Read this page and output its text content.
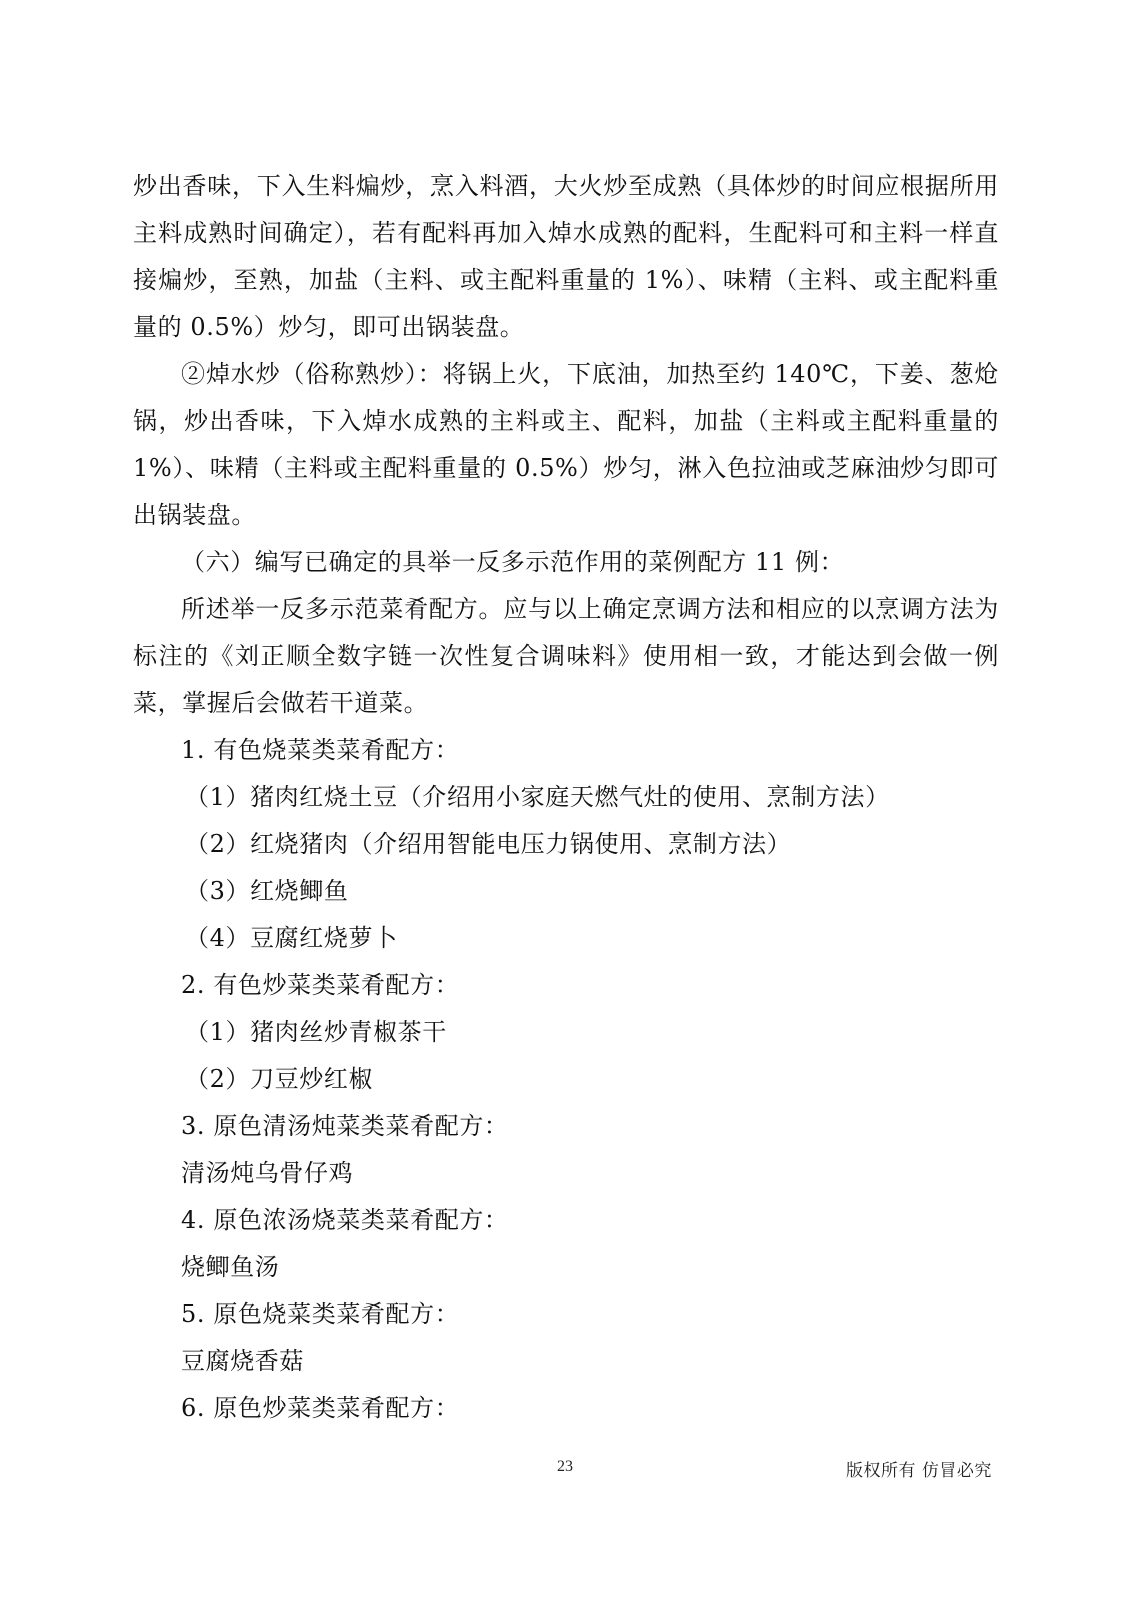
炒出香味，下入生料煸炒，烹入料酒，大火炒至成熟（具体炒的时间应根据所用主料成熟时间确定），若有配料再加入焯水成熟的配料，生配料可和主料一样直接煸炒，至熟，加盐（主料、或主配料重量的 1%）、味精（主料、或主配料重量的 0.5%）炒匀，即可出锅装盘。

②焯水炒（俗称熟炒）：将锅上火，下底油，加热至约 140℃，下姜、葱炝锅，炒出香味，下入焯水成熟的主料或主、配料，加盐（主料或主配料重量的 1%）、味精（主料或主配料重量的 0.5%）炒匀，淋入色拉油或芝麻油炒匀即可出锅装盘。

（六）编写已确定的具举一反多示范作用的菜例配方 11 例：

所述举一反多示范菜肴配方。应与以上确定烹调方法和相应的以烹调方法为标注的《刘正顺全数字链一次性复合调味料》使用相一致，才能达到会做一例菜，掌握后会做若干道菜。

1. 有色烧菜类菜肴配方：

（1）猪肉红烧土豆（介绍用小家庭天燃气灶的使用、烹制方法）

（2）红烧猪肉（介绍用智能电压力锅使用、烹制方法）

（3）红烧鲫鱼

（4）豆腐红烧萝卜

2. 有色炒菜类菜肴配方：

（1）猪肉丝炒青椒茶干

（2）刀豆炒红椒

3. 原色清汤炖菜类菜肴配方：

清汤炖乌骨仔鸡

4. 原色浓汤烧菜类菜肴配方：

烧鲫鱼汤

5. 原色烧菜类菜肴配方：

豆腐烧香菇

6. 原色炒菜类菜肴配方：

23	版权所有 仿冒必究
